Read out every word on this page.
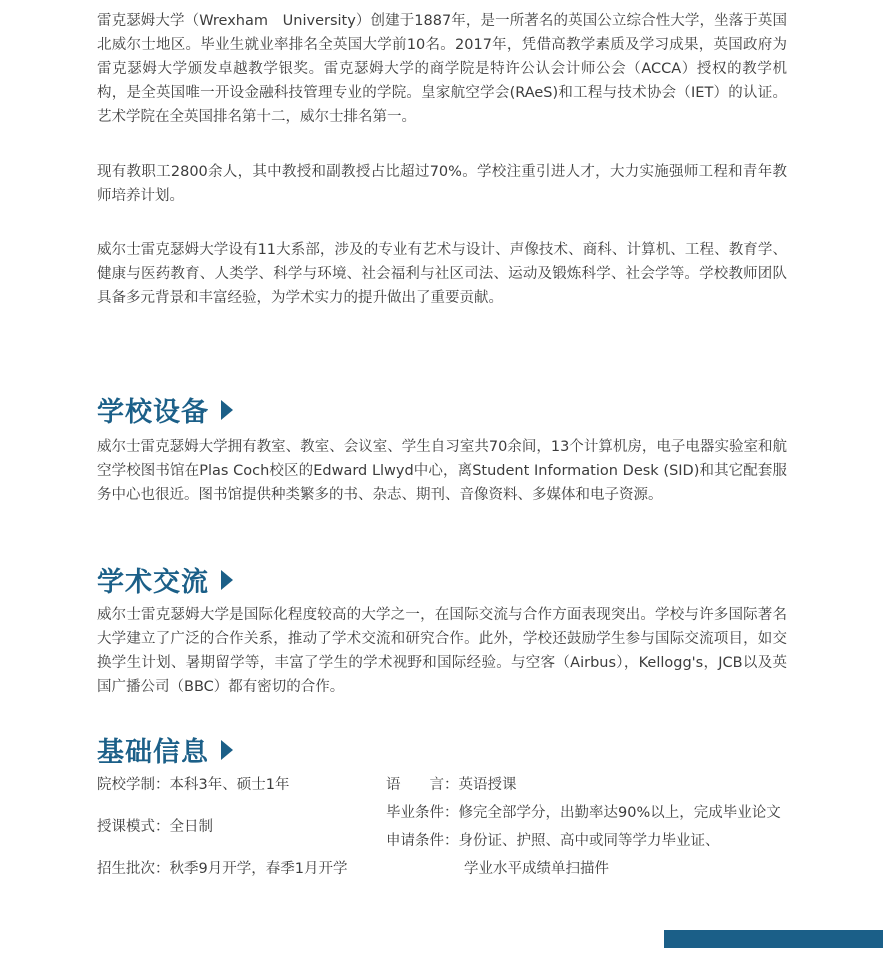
雷克瑟姆大学（Wrexham　University）创建于1887年，是一所著名的英国公立综合性大学，坐落于英国北威尔士地区。毕业生就业率排名全英国大学前10名。2017年，凭借高教学素质及学习成果，英国政府为雷克瑟姆大学颁发卓越教学银奖。雷克瑟姆大学的商学院是特许公认会计师公会（ACCA）授权的教学机构，是全英国唯一开设金融科技管理专业的学院。皇家航空学会(RAeS)和工程与技术协会（IET）的认证。艺术学院在全英国排名第十二，威尔士排名第一。

现有教职工2800余人，其中教授和副教授占比超过70%。学校注重引进人才，大力实施强师工程和青年教师培养计划。

威尔士雷克瑟姆大学设有11大系部，涉及的专业有艺术与设计、声像技术、商科、计算机、工程、教育学、健康与医药教育、人类学、科学与环境、社会福利与社区司法、运动及锻炼科学、社会学等。学校教师团队具备多元背景和丰富经验，为学术实力的提升做出了重要贡献。

学校设备

威尔士雷克瑟姆大学拥有教室、教室、会议室、学生自习室共70余间，13个计算机房，电子电器实验室和航空学校图书馆在Plas Coch校区的Edward Llwyd中心，离Student Information Desk (SID)和其它配套服务中心也很近。图书馆提供种类繁多的书、杂志、期刊、音像资料、多媒体和电子资源。

学术交流

威尔士雷克瑟姆大学是国际化程度较高的大学之一，在国际交流与合作方面表现突出。学校与许多国际著名大学建立了广泛的合作关系，推动了学术交流和研究合作。此外，学校还鼓励学生参与国际交流项目，如交换学生计划、暑期留学等，丰富了学生的学术视野和国际经验。与空客（Airbus），Kellogg's，JCB以及英国广播公司（BBC）都有密切的合作。

基础信息
院校学制：本科3年、硕士1年
授课模式：全日制
招生批次：秋季9月开学，春季1月开学
语　　言：英语授课
毕业条件：修完全部学分，出勤率达90%以上，完成毕业论文
申请条件：身份证、护照、高中或同等学力毕业证、
学业水平成绩单扫描件
